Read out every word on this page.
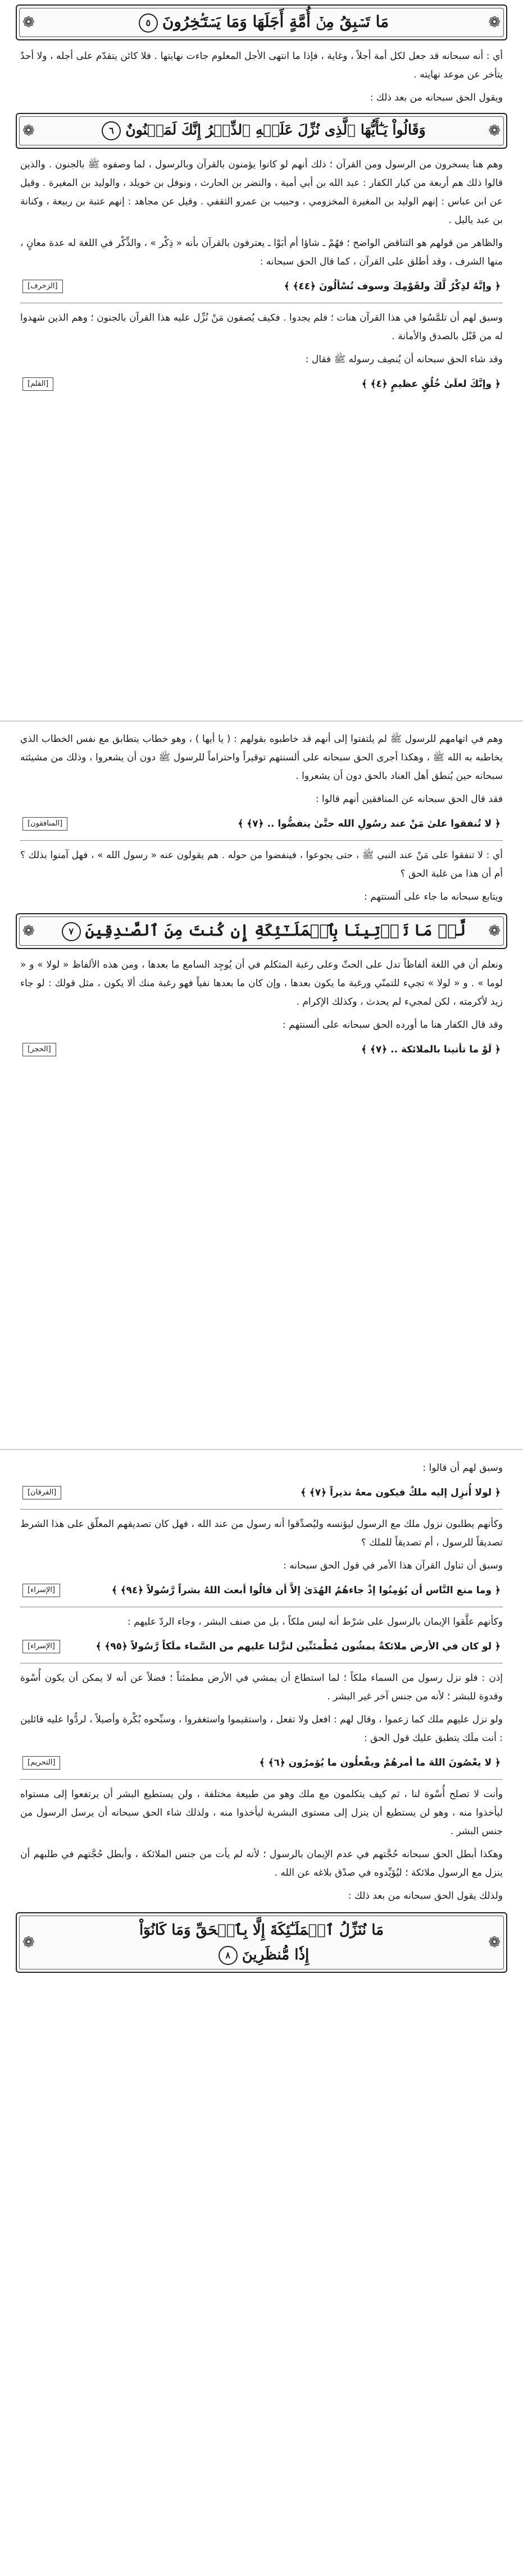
❁
مَا تَسۡبِقُ مِنۡ أُمَّةٍ أَجَلَهَا وَمَا يَسۡتَـٔۡخِرُونَ٥
❁

أي : أنه سبحانه قد جعل لكل أمة أجلاً ، وغاية ، فإذا ما انتهى الأجل المعلوم جاءت نهايتها . فلا كائن يتقدّم على أجله ، ولا أحدٌ يتأخر عن موعد نهايته .

ويقول الحق سبحانه من بعد ذلك :

❁
وَقَالُواْ يَـٰٓأَيُّهَا ٱلَّذِى نُزِّلَ عَلَيۡهِ ٱلذِّكۡرُ إِنَّكَ لَمَجۡنُونٌ٦
❁

وهم هنا يسخرون من الرسول ومن القرآن ؛ ذلك أنهم لو كانوا يؤمنون بالقرآن وبالرسول ، لما وصفوه ﷺ بالجنون . والذين قالوا ذلك هم أربعة من كبار الكفار : عبد الله بن أبي أمية ، والنضر بن الحارث ، ونوفل بن خويلد ، والوليد بن المغيرة . وقيل عن ابن عباس : إنهم الوليد بن المغيرة المخزومي ، وحبيب بن عمرو الثقفي . وقيل عن مجاهد : إنهم عتبة بن ربيعة ، وكنانة بن عبد ياليل .

والظاهر من قولهم هو التناقض الواضح ؛ فهُمْ ـ شاؤا أم أبَوْا ـ يعترفون بالقرآن بأنه « ذِكْر » ، والذِّكْر في اللغة له عدة معانٍ ، منها الشرف ، وقد أطلق على القرآن ، كما قال الحق سبحانه :

﴿ وإنَّهُ لذِكْرٌ لَّكَ ولقَوْمِكَ وسوف تُسْألُونَ ﴿٤٤﴾ ﴾
[الزخرف]

وسبق لهم أن تلمَّسُوا في هذا القرآن هنات ؛ فلم يجدوا . فكيف يُصفون مَنْ نُزِّل عليه هذا القرآن بالجنون ؛ وهم الذين شهدوا له من قَبْل بالصدق والأمانة .

وقد شاء الحق سبحانه أن يُنصِف رسوله ﷺ فقال :

﴿ وإنَّكَ لعلَىٰ خُلُقٍ عظيمٍ ﴿٤﴾ ﴾
[القلم]

وهم في اتهامهم للرسول ﷺ لم يلتفتوا إلى أنهم قد خاطبوه بقولهم : ( يا أيها ) ، وهو خطاب يتطابق مع نفس الخطاب الذي يخاطبه به الله ﷺ ، وهكذا أجرى الحق سبحانه على ألسنتهم توقيراً واحتراماً للرسول ﷺ دون أن يشعروا ، وذلك من مشيئته سبحانه حين يُنطق أهل العناد بالحق دون أن يشعروا .

فقد قال الحق سبحانه عن المنافقين أنهم قالوا :

﴿ لا تُنفقوا علىٰ مَنْ عند رسُولِ الله حتَّىٰ ينفضُّوا .. ﴿٧﴾ ﴾
[المنافقون]

أي : لا تنفقوا على مَنْ عند النبي ﷺ ، حتى يجوعوا ، فينفضوا من حوله . هم يقولون عنه « رسول الله » ، فهل آمنوا بذلك ؟ أم أن هذا من غلبة الحق ؟

ويتابع سبحانه ما جاء على ألسنتهم :

❁
لَّوۡ مَا تَأۡتِينَا بِٱلۡمَلَـٰٓئِكَةِ إِن كُنتَ مِنَ ٱلصَّـٰدِقِينَ٧
❁

ونعلم أن في اللغة ألفاظاً تدل على الحثّ وعلى رغبة المتكلم في أن يُوجِد السامع ما بعدها ، ومن هذه الألفاظ « لولا » و « لوما » . و « لولا » تجيء للتمنّي ورغبة ما يكون بعدها ، وإن كان ما بعدها نفياً فهو رغبة منك ألا يكون ، مثل قولك : لو جاء زيد لأكرمته ، لكن لمجيء لم يحدث ، وكذلك الإكرام .

وقد قال الكفار هنا ما أورده الحق سبحانه على ألسنتهم :

﴿ لَوْ ما تأتينا بالملائكة .. ﴿٧﴾ ﴾
[الحجر]

وسبق لهم أن قالوا :

﴿ لولا أُنزِل إليه ملكٌ فيكون معهُ نذيراً ﴿٧﴾ ﴾
[الفرقان]

وكأنهم يطلبون نزول ملك مع الرسول ليؤنسه وليُصدِّقوا أنه رسول من عند الله ، فهل كان تصديقهم المعلّق على هذا الشرط تصديقاً للرسول ، أم تصديقاً للملك ؟

وسبق أن تناول القرآن هذا الأمر في قول الحق سبحانه :

﴿ وما منع النَّاس أن يُؤمِنُوا إذْ جاءهُمُ الهُدَىٰ إلاَّ أن قالُوا أبعث اللهُ بشراً رَّسُولاً ﴿٩٤﴾ ﴾
[الإسراء]

وكأنهم علَّقوا الإيمان بالرسول على شرْط أنه ليس ملكاً ، بل من صنف البشر ، وجاء الردّ عليهم :

﴿ لو كان في الأرض ملائكةٌ يمشُون مُطْمئنِّين لنزَّلنا عليهم من السَّماء ملَكاً رَّسُولاً ﴿٩٥﴾ ﴾
[الإسراء]

إذن : فلو نزل رسول من السماء ملكاً ؛ لما استطاع أن يمشي في الأرض مطمئناً ؛ فضلاً عن أنه لا يمكن أن يكون أُسْوة وقدوة للبشر ؛ لأنه من جنس آخر غير البشر .

ولو نزل عليهم ملك كما زعموا ، وقال لهم : افعل ولا تفعل ، واستقيموا واستغفروا ، وسبِّحوه بُكْرة وأصيلاً ، لردُّوا عليه قائلين : أنت ملَك يتطبق عليك قول الحق :

﴿ لا يعْصُونَ اللهَ ما أمرهُمْ ويفْعلُون ما يُؤمرُون ﴿٦﴾ ﴾
[التحريم]

وأنت لا تصلح أُسْوة لنا ، ثم كيف يتكلمون مع ملك وهو من طبيعة مختلفة ، ولن يستطيع البشر أن يرتفعوا إلى مستواه ليأخذوا منه ، وهو لن يستطيع أن ينزل إلى مستوى البشرية ليأخذوا منه ، ولذلك شاء الحق سبحانه أن يرسل الرسول من جنس البشر .

وهكذا أبطل الحق سبحانه حُجَّتهم في عدم الإيمان بالرسول ؛ لأنه لم يأت من جنس الملائكة ، وأبطل حُجَّتهم في طلبهم أن ينزل مع الرسول ملائكة ؛ ليُؤيِّدوه في صدْق بلاغه عن الله .

ولذلك يقول الحق سبحانه من بعد ذلك :

❁
مَا نُنَزِّلُ ٱلۡمَلَـٰٓئِكَةَ إِلَّا بِٱلۡحَقِّ وَمَا كَانُوٓاْ
إِذٗا مُّنظَرِينَ٨
❁
